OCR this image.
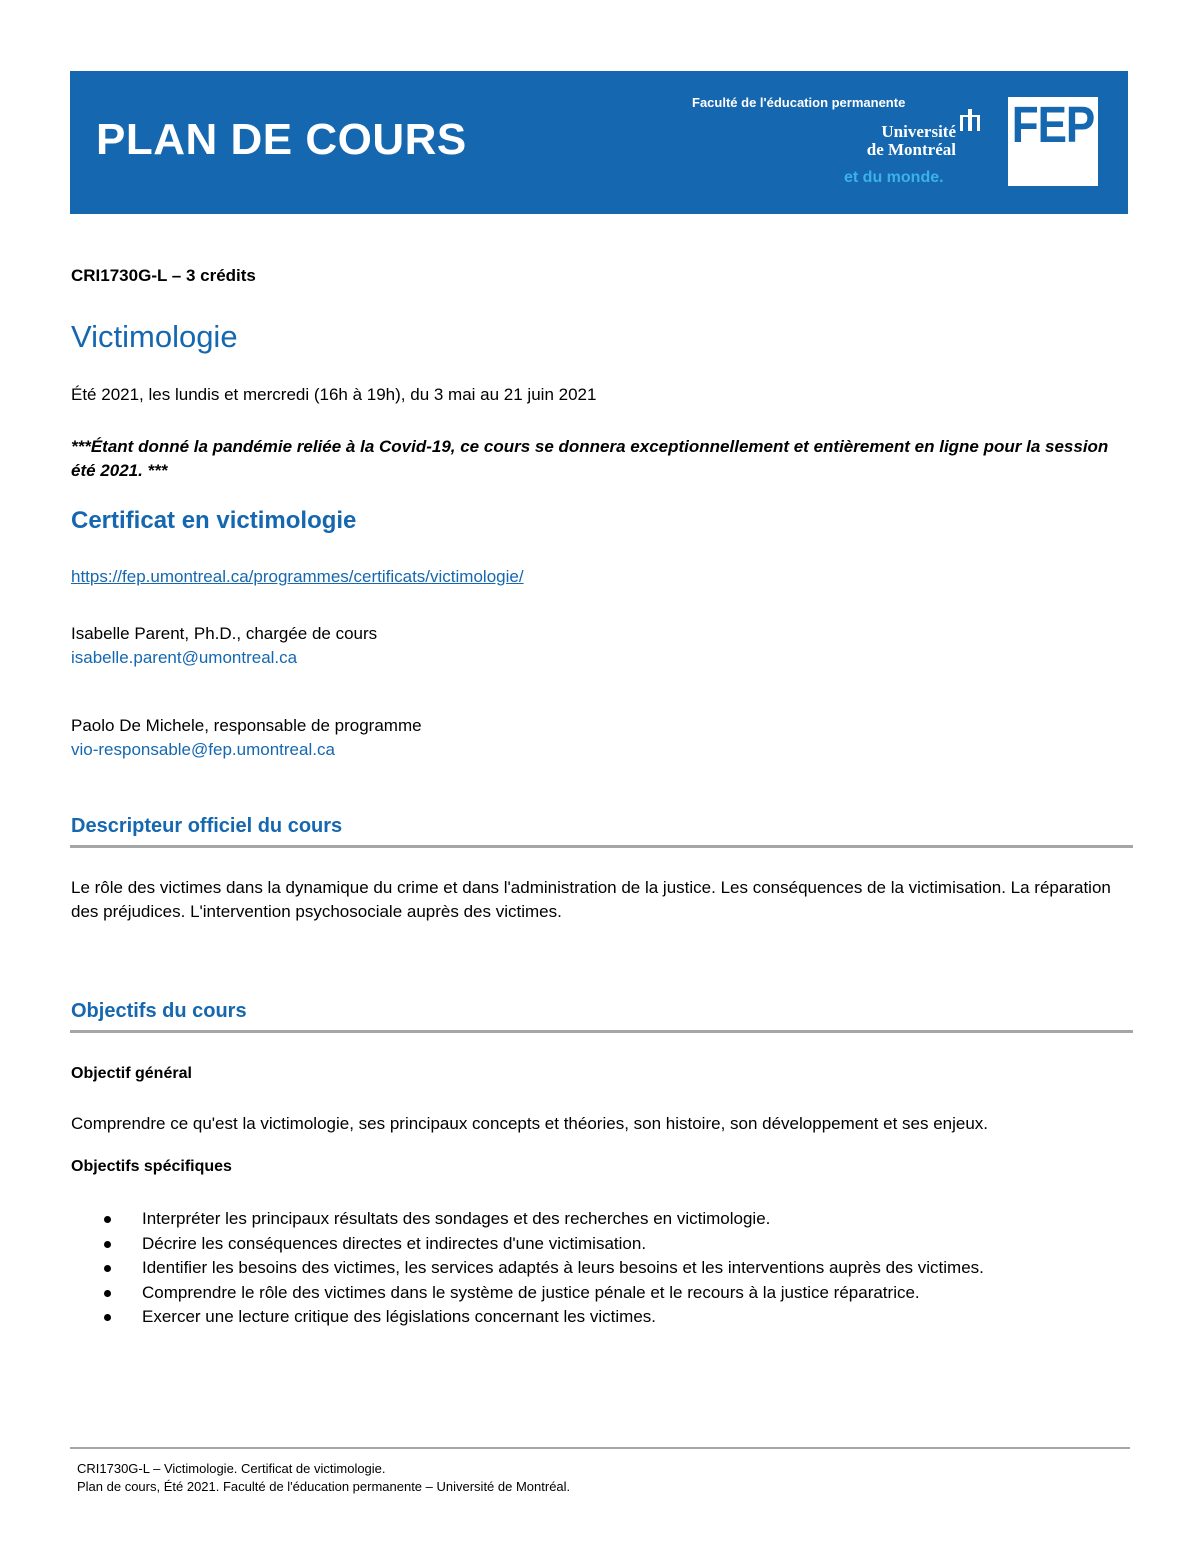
PLAN DE COURS
Faculté de l'éducation permanente
Université
de Montréal
et du monde.
FEP
CRI1730G-L – 3 crédits
Victimologie
Été 2021, les lundis et mercredi (16h à 19h), du 3 mai au 21 juin 2021
***Étant donné la pandémie reliée à la Covid-19, ce cours se donnera exceptionnellement et entièrement en ligne pour la session été 2021. ***
Certificat en victimologie
https://fep.umontreal.ca/programmes/certificats/victimologie/
Isabelle Parent, Ph.D., chargée de cours
isabelle.parent@umontreal.ca
Paolo De Michele, responsable de programme
vio-responsable@fep.umontreal.ca
Descripteur officiel du cours
Le rôle des victimes dans la dynamique du crime et dans l'administration de la justice. Les conséquences de la victimisation. La réparation des préjudices. L'intervention psychosociale auprès des victimes.
Objectifs du cours
Objectif général
Comprendre ce qu'est la victimologie, ses principaux concepts et théories, son histoire, son développement et ses enjeux.
Objectifs spécifiques
Interpréter les principaux résultats des sondages et des recherches en victimologie.
Décrire les conséquences directes et indirectes d'une victimisation.
Identifier les besoins des victimes, les services adaptés à leurs besoins et les interventions auprès des victimes.
Comprendre le rôle des victimes dans le système de justice pénale et le recours à la justice réparatrice.
Exercer une lecture critique des législations concernant les victimes.
CRI1730G-L – Victimologie. Certificat de victimologie.
Plan de cours, Été 2021. Faculté de l'éducation permanente – Université de Montréal.
